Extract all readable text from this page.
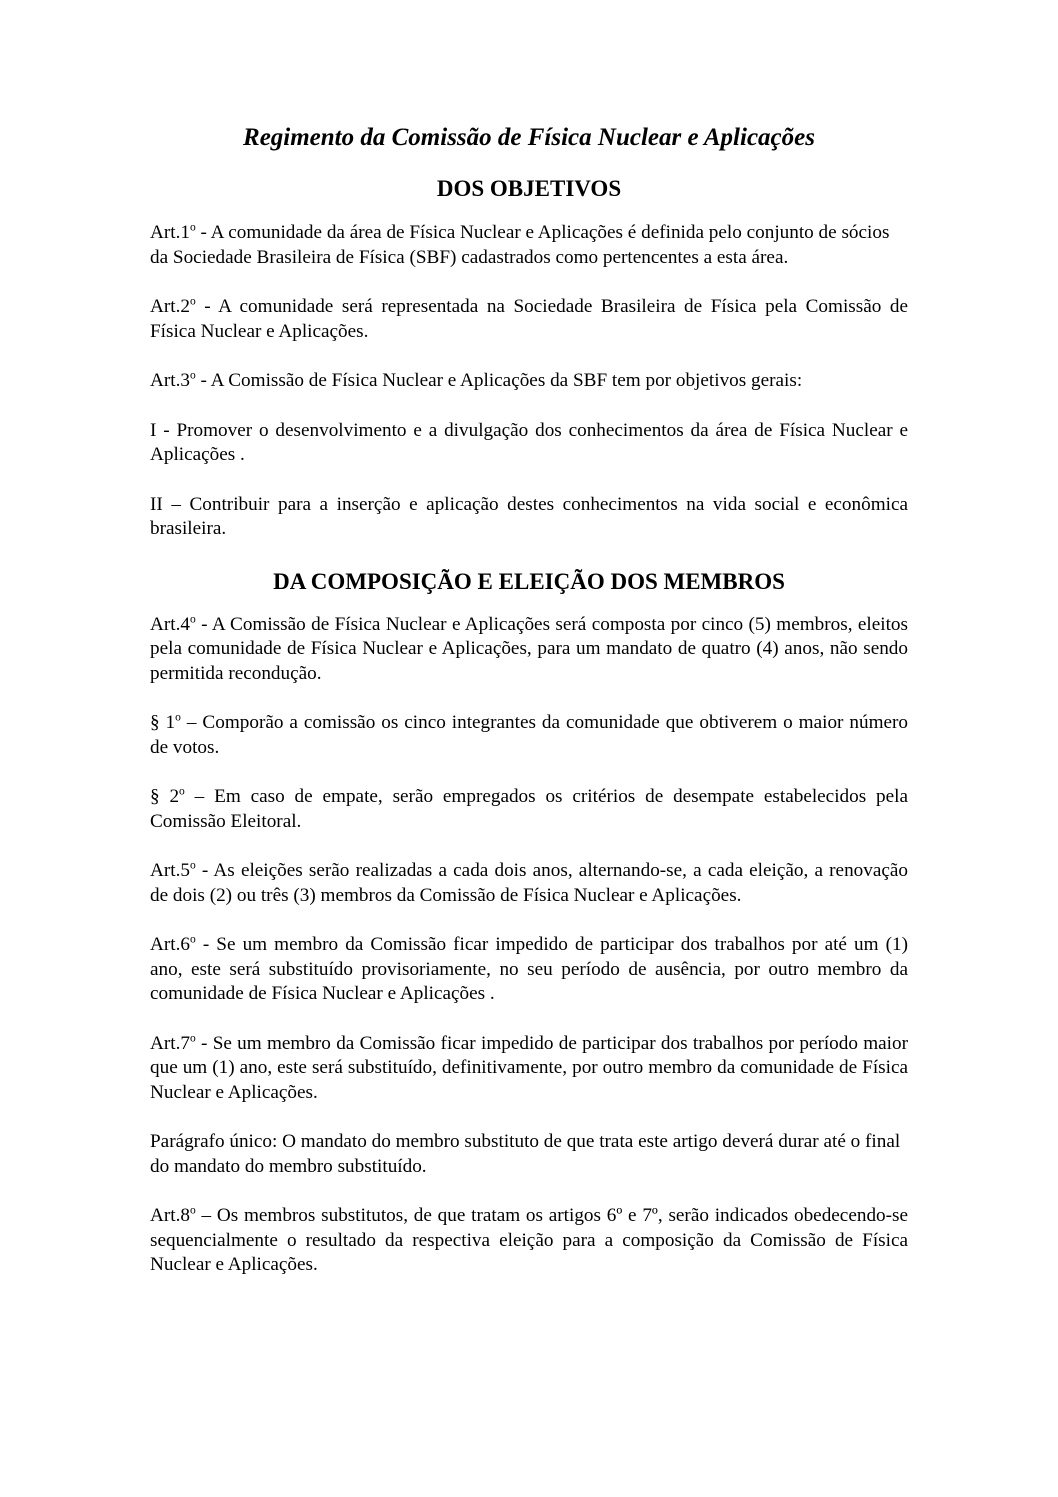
Regimento da Comissão de Física Nuclear e Aplicações
DOS OBJETIVOS

Art.1$^o$ - A comunidade da área de Física Nuclear e Aplicações é definida pelo conjunto de sócios da Sociedade Brasileira de Física (SBF) cadastrados como pertencentes a esta área.

Art.2$^o$ - A comunidade será representada na Sociedade Brasileira de Física pela Comissão de Física Nuclear e Aplicações.

Art.3$^o$ - A Comissão de Física Nuclear e Aplicações da SBF tem por objetivos gerais:

I - Promover o desenvolvimento e a divulgação dos conhecimentos da área de Física Nuclear e Aplicações .

II – Contribuir para a inserção e aplicação destes conhecimentos na vida social e econômica brasileira.

DA COMPOSIÇÃO E ELEIÇÃO DOS MEMBROS

Art.4$^o$ - A Comissão de Física Nuclear e Aplicações será composta por cinco (5) membros, eleitos pela comunidade de Física Nuclear e Aplicações, para um mandato de quatro (4) anos, não sendo permitida recondução.

§ 1$^o$ – Comporão a comissão os cinco integrantes da comunidade que obtiverem o maior número de votos.

§ 2$^o$ – Em caso de empate, serão empregados os critérios de desempate estabelecidos pela Comissão Eleitoral.

Art.5$^o$ - As eleições serão realizadas a cada dois anos, alternando-se, a cada eleição, a renovação de dois (2) ou três (3) membros da Comissão de Física Nuclear e Aplicações.

Art.6$^o$ - Se um membro da Comissão ficar impedido de participar dos trabalhos por até um (1) ano, este será substituído provisoriamente, no seu período de ausência, por outro membro da comunidade de Física Nuclear e Aplicações .

Art.7$^o$ - Se um membro da Comissão ficar impedido de participar dos trabalhos por período maior que um (1) ano, este será substituído, definitivamente, por outro membro da comunidade de Física Nuclear e Aplicações.

Parágrafo único: O mandato do membro substituto de que trata este artigo deverá durar até o final do mandato do membro substituído.

Art.8$^o$ – Os membros substitutos, de que tratam os artigos 6º e 7º, serão indicados obedecendo-se sequencialmente o resultado da respectiva eleição para a composição da Comissão de Física Nuclear e Aplicações.
